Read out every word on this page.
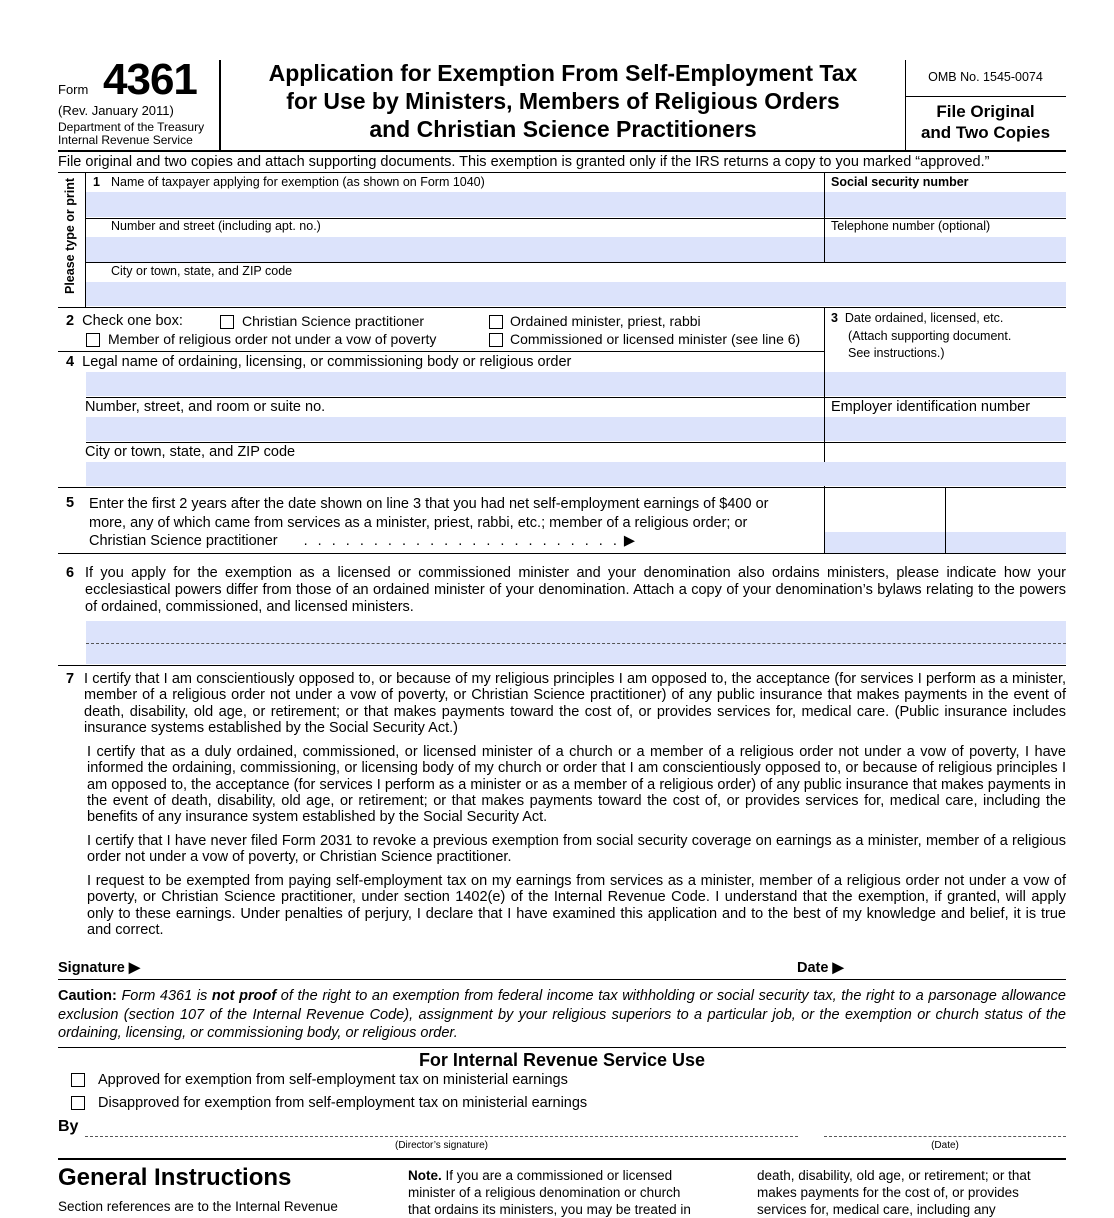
Form 4361
(Rev. January 2011)
Department of the Treasury
Internal Revenue Service
Application for Exemption From Self-Employment Tax
for Use by Ministers, Members of Religious Orders
and Christian Science Practitioners
OMB No. 1545-0074
File Original
and Two Copies
File original and two copies and attach supporting documents. This exemption is granted only if the IRS returns a copy to you marked “approved.”
Please type or print 1 Name of taxpayer applying for exemption (as shown on Form 1040)	Social security number
Number and street (including apt. no.)	Telephone number (optional)
City or town, state, and ZIP code
2 Check one box:	Christian Science practitioner	Ordained minister, priest, rabbi
Member of religious order not under a vow of poverty	Commissioned or licensed minister (see line 6)
3 Date ordained, licensed, etc.
(Attach supporting document.
See instructions.)
4 Legal name of ordaining, licensing, or commissioning body or religious order
Number, street, and room or suite no.	Employer identification number
City or town, state, and ZIP code
5 Enter the first 2 years after the date shown on line 3 that you had net self-employment earnings of $400 or
more, any of which came from services as a minister, priest, rabbi, etc.; member of a religious order; or
Christian Science practitioner . . . . . . . . . . . . . . . . . . . . . . . ▶
6 If you apply for the exemption as a licensed or commissioned minister and your denomination also ordains ministers, please indicate how your ecclesiastical powers differ from those of an ordained minister of your denomination. Attach a copy of your denomination’s bylaws relating to the powers of ordained, commissioned, and licensed ministers.
7 I certify that I am conscientiously opposed to, or because of my religious principles I am opposed to, the acceptance (for services I perform as a minister, member of a religious order not under a vow of poverty, or Christian Science practitioner) of any public insurance that makes payments in the event of death, disability, old age, or retirement; or that makes payments toward the cost of, or provides services for, medical care. (Public insurance includes insurance systems established by the Social Security Act.)
I certify that as a duly ordained, commissioned, or licensed minister of a church or a member of a religious order not under a vow of poverty, I have informed the ordaining, commissioning, or licensing body of my church or order that I am conscientiously opposed to, or because of religious principles I am opposed to, the acceptance (for services I perform as a minister or as a member of a religious order) of any public insurance that makes payments in the event of death, disability, old age, or retirement; or that makes payments toward the cost of, or provides services for, medical care, including the benefits of any insurance system established by the Social Security Act.
I certify that I have never filed Form 2031 to revoke a previous exemption from social security coverage on earnings as a minister, member of a religious order not under a vow of poverty, or Christian Science practitioner.
I request to be exempted from paying self-employment tax on my earnings from services as a minister, member of a religious order not under a vow of poverty, or Christian Science practitioner, under section 1402(e) of the Internal Revenue Code. I understand that the exemption, if granted, will apply only to these earnings. Under penalties of perjury, I declare that I have examined this application and to the best of my knowledge and belief, it is true and correct.
Signature ▶	Date ▶
Caution: Form 4361 is not proof of the right to an exemption from federal income tax withholding or social security tax, the right to a parsonage allowance exclusion (section 107 of the Internal Revenue Code), assignment by your religious superiors to a particular job, or the exemption or church status of the ordaining, licensing, or commissioning body, or religious order.
For Internal Revenue Service Use
Approved for exemption from self-employment tax on ministerial earnings
Disapproved for exemption from self-employment tax on ministerial earnings
By
(Director’s signature)	(Date)
General Instructions
Section references are to the Internal Revenue
Note. If you are a commissioned or licensed
minister of a religious denomination or church
that ordains its ministers, you may be treated in
death, disability, old age, or retirement; or that
makes payments for the cost of, or provides
services for, medical care, including any
